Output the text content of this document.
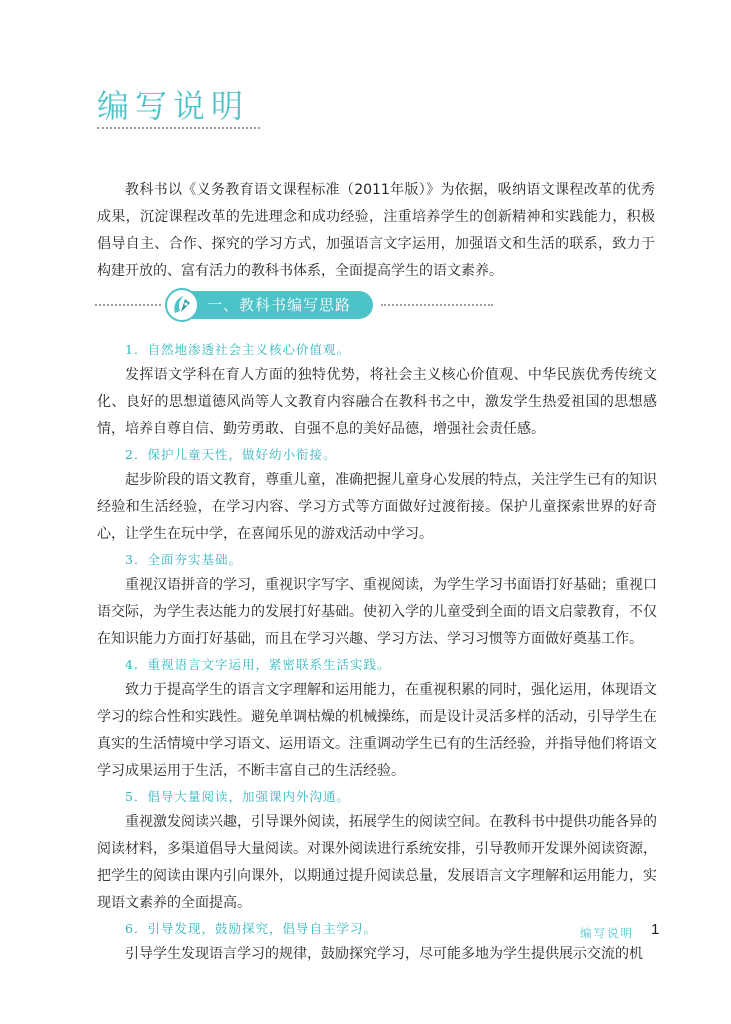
编写说明

教科书以《义务教育语文课程标准（2011年版）》为依据，吸纳语文课程改革的优秀成果，沉淀课程改革的先进理念和成功经验，注重培养学生的创新精神和实践能力，积极倡导自主、合作、探究的学习方式，加强语言文字运用，加强语文和生活的联系，致力于构建开放的、富有活力的教科书体系，全面提高学生的语文素养。

一、教科书编写思路

1．自然地渗透社会主义核心价值观。

发挥语文学科在育人方面的独特优势，将社会主义核心价值观、中华民族优秀传统文化、良好的思想道德风尚等人文教育内容融合在教科书之中，激发学生热爱祖国的思想感情，培养自尊自信、勤劳勇敢、自强不息的美好品德，增强社会责任感。

2．保护儿童天性，做好幼小衔接。

起步阶段的语文教育，尊重儿童，准确把握儿童身心发展的特点，关注学生已有的知识经验和生活经验，在学习内容、学习方式等方面做好过渡衔接。保护儿童探索世界的好奇心，让学生在玩中学，在喜闻乐见的游戏活动中学习。

3．全面夯实基础。

重视汉语拼音的学习，重视识字写字、重视阅读，为学生学习书面语打好基础；重视口语交际，为学生表达能力的发展打好基础。使初入学的儿童受到全面的语文启蒙教育，不仅在知识能力方面打好基础，而且在学习兴趣、学习方法、学习习惯等方面做好奠基工作。

4．重视语言文字运用，紧密联系生活实践。

致力于提高学生的语言文字理解和运用能力，在重视积累的同时，强化运用，体现语文学习的综合性和实践性。避免单调枯燥的机械操练，而是设计灵活多样的活动，引导学生在真实的生活情境中学习语文、运用语文。注重调动学生已有的生活经验，并指导他们将语文学习成果运用于生活，不断丰富自己的生活经验。

5．倡导大量阅读，加强课内外沟通。

重视激发阅读兴趣，引导课外阅读，拓展学生的阅读空间。在教科书中提供功能各异的阅读材料，多渠道倡导大量阅读。对课外阅读进行系统安排，引导教师开发课外阅读资源，把学生的阅读由课内引向课外，以期通过提升阅读总量，发展语言文字理解和运用能力，实现语文素养的全面提高。

6．引导发现，鼓励探究，倡导自主学习。

引导学生发现语言学习的规律，鼓励探究学习，尽可能多地为学生提供展示交流的机

编写说明 1
